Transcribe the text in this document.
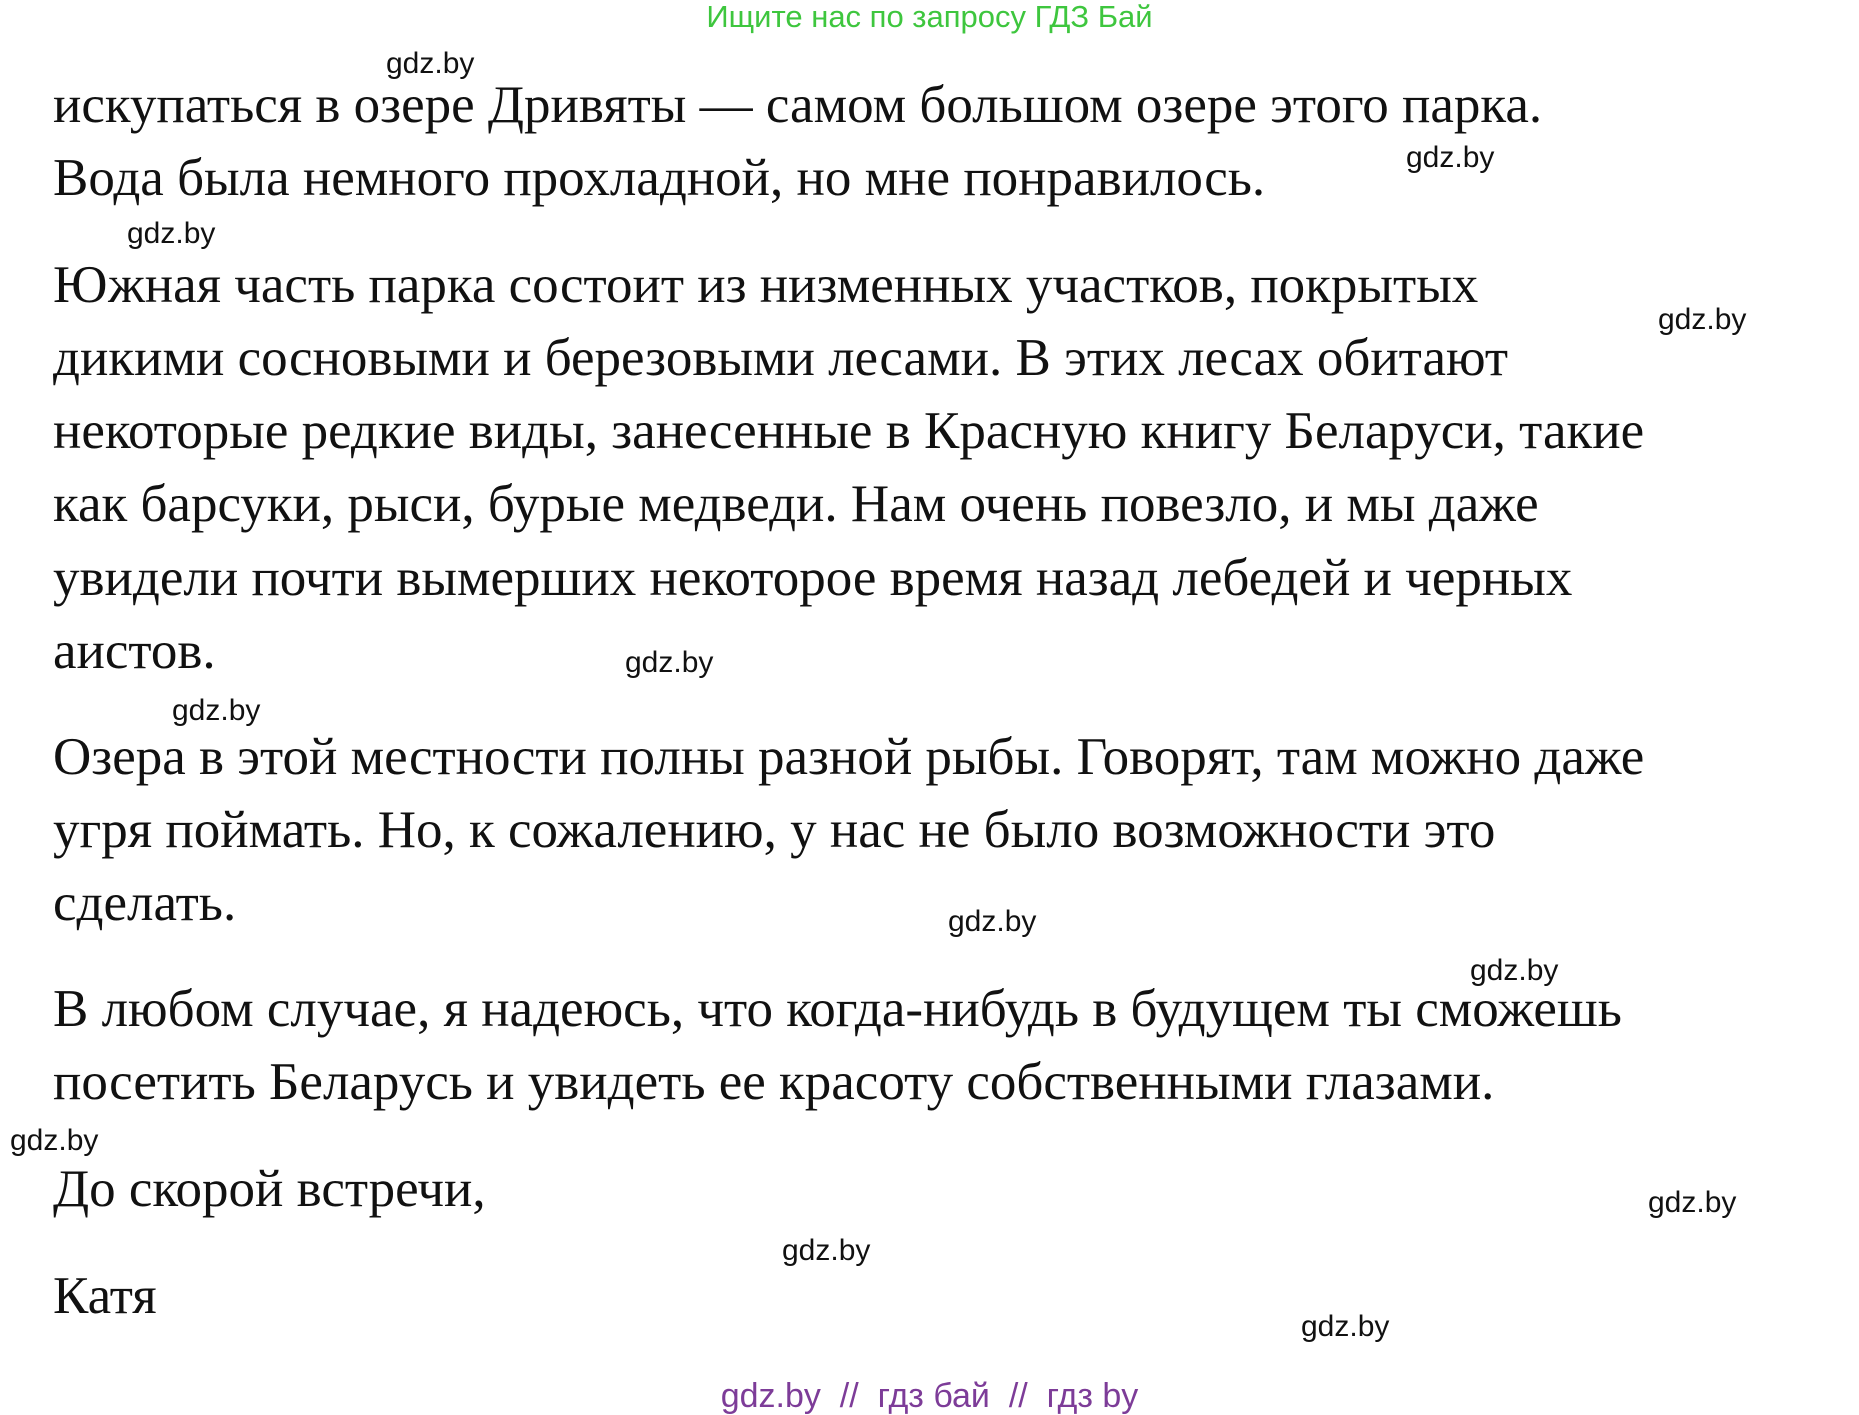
Ищите нас по запросу ГДЗ Бай
gdz.by
gdz.by
gdz.by
gdz.by
gdz.by
gdz.by
gdz.by
gdz.by
gdz.by
gdz.by
gdz.by
gdz.by
искупаться в озере Дривяты — самом большом озере этого парка.
Вода была немного прохладной, но мне понравилось.
Южная часть парка состоит из низменных участков, покрытых
дикими сосновыми и березовыми лесами. В этих лесах обитают
некоторые редкие виды, занесенные в Красную книгу Беларуси, такие
как барсуки, рыси, бурые медведи. Нам очень повезло, и мы даже
увидели почти вымерших некоторое время назад лебедей и черных
аистов.
Озера в этой местности полны разной рыбы. Говорят, там можно даже
угря поймать. Но, к сожалению, у нас не было возможности это
сделать.
В любом случае, я надеюсь, что когда-нибудь в будущем ты сможешь
посетить Беларусь и увидеть ее красоту собственными глазами.
До скорой встречи,
Катя
gdz.by  //  гдз бай  //  гдз by
